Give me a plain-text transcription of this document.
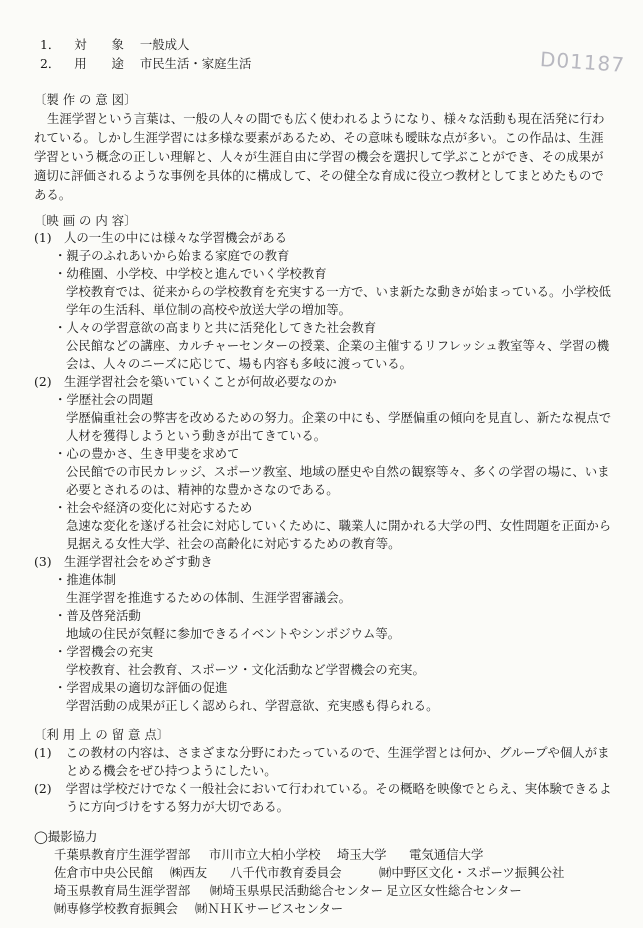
D01187
1． 対　　象 一般成人
2． 用　　途 市民生活・家庭生活
〔製 作 の 意 図〕
生涯学習という言葉は、一般の人々の間でも広く使われるようになり、様々な活動も現在活発に行わ
れている。しかし生涯学習には多様な要素があるため、その意味も曖昧な点が多い。この作品は、生涯
学習という概念の正しい理解と、人々が生涯自由に学習の機会を選択して学ぶことができ、その成果が
適切に評価されるような事例を具体的に構成して、その健全な育成に役立つ教材としてまとめたもので
ある。
〔映 画 の 内 容〕
(1)　人の一生の中には様々な学習機会がある
・親子のふれあいから始まる家庭での教育
・幼稚園、小学校、中学校と進んでいく学校教育
学校教育では、従来からの学校教育を充実する一方で、いま新たな動きが始まっている。小学校低
学年の生活科、単位制の高校や放送大学の増加等。
・人々の学習意欲の高まりと共に活発化してきた社会教育
公民館などの講座、カルチャーセンターの授業、企業の主催するリフレッシュ教室等々、学習の機
会は、人々のニーズに応じて、場も内容も多岐に渡っている。
(2)　生涯学習社会を築いていくことが何故必要なのか
・学歴社会の問題
学歴偏重社会の弊害を改めるための努力。企業の中にも、学歴偏重の傾向を見直し、新たな視点で
人材を獲得しようという動きが出てきている。
・心の豊かさ、生き甲斐を求めて
公民館での市民カレッジ、スポーツ教室、地域の歴史や自然の観察等々、多くの学習の場に、いま
必要とされるのは、精神的な豊かさなのである。
・社会や経済の変化に対応するため
急速な変化を遂げる社会に対応していくために、職業人に開かれる大学の門、女性問題を正面から
見据える女性大学、社会の高齢化に対応するための教育等。
(3)　生涯学習社会をめざす動き
・推進体制
生涯学習を推進するための体制、生涯学習審議会。
・普及啓発活動
地域の住民が気軽に参加できるイベントやシンポジウム等。
・学習機会の充実
学校教育、社会教育、スポーツ・文化活動など学習機会の充実。
・学習成果の適切な評価の促進
学習活動の成果が正しく認められ、学習意欲、充実感も得られる。
〔利 用 上 の 留 意 点〕
(1) この教材の内容は、さまざまな分野にわたっているので、生涯学習とは何か、グループや個人がま
とめる機会をぜひ持つようにしたい。
(2) 学習は学校だけでなく一般社会において行われている。その概略を映像でとらえ、実体験できるよ
うに方向づけをする努力が大切である。
◯撮影協力
千葉県教育庁生涯学習部 市川市立大柏小学校 埼玉大学 電気通信大学
佐倉市中央公民館 ㈱西友 八千代市教育委員会	㈶中野区文化・スポーツ振興公社
埼玉県教育局生涯学習部 ㈶埼玉県県民活動総合センター 足立区女性総合センター
㈶専修学校教育振興会 ㈶ＮＨＫサービスセンター
